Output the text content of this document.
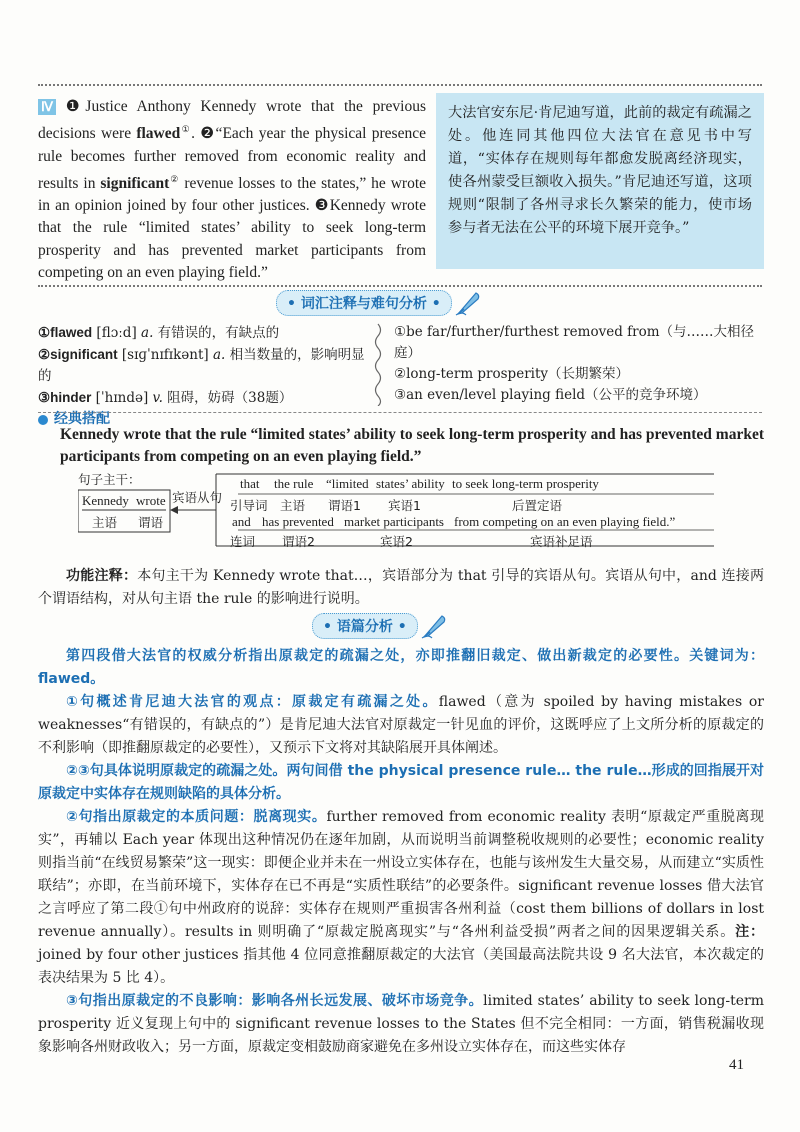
Ⅳ ❶Justice Anthony Kennedy wrote that the previous decisions were flawed①. ❷“Each year the physical presence rule becomes further removed from economic reality and results in significant② revenue losses to the states,” he wrote in an opinion joined by four other justices. ❸Kennedy wrote that the rule “limited states’ ability to seek long-term prosperity and has prevented market participants from competing on an even playing field.”
大法官安东尼·肯尼迪写道，此前的裁定有疏漏之处。他连同其他四位大法官在意见书中写道，“实体存在规则每年都愈发脱离经济现实，使各州蒙受巨额收入损失。”肯尼迪还写道，这项规则“限制了各州寻求长久繁荣的能力，使市场参与者无法在公平的环境下展开竞争。”
• 词汇注释与难句分析 •
①flawed [flɔːd] a. 有错误的，有缺点的
②significant [sɪɡˈnɪfɪkənt] a. 相当数量的，影响明显的
③hinder [ˈhɪndə] v. 阻碍，妨碍（38题）
经典搭配
①be far/further/furthest removed from（与……大相径庭）
②long-term prosperity（长期繁荣）
③an even/level playing field（公平的竞争环境）
Kennedy wrote that the rule “limited states’ ability to seek long-term prosperity and has prevented market participants from competing on an even playing field.”
句子主干：
Kennedy wrote
主语 谓语
宾语从句
that the rule “limited states’ ability to seek long-term prosperity
引导词 主语 谓语1 宾语1	后置定语
and has prevented market participants from competing on an even playing field.”
连词 谓语2	宾语2	宾语补足语
功能注释：本句主干为 Kennedy wrote that…，宾语部分为 that 引导的宾语从句。宾语从句中，and 连接两个谓语结构，对从句主语 the rule 的影响进行说明。
• 语篇分析 •

第四段借大法官的权威分析指出原裁定的疏漏之处，亦即推翻旧裁定、做出新裁定的必要性。关键词为：flawed。

①句概述肯尼迪大法官的观点：原裁定有疏漏之处。flawed（意为 spoiled by having mistakes or weaknesses“有错误的，有缺点的”）是肯尼迪大法官对原裁定一针见血的评价，这既呼应了上文所分析的原裁定的不利影响（即推翻原裁定的必要性），又预示下文将对其缺陷展开具体阐述。

②③句具体说明原裁定的疏漏之处。两句间借 the physical presence rule… the rule…形成的回指展开对原裁定中实体存在规则缺陷的具体分析。

②句指出原裁定的本质问题：脱离现实。further removed from economic reality 表明“原裁定严重脱离现实”，再辅以 Each year 体现出这种情况仍在逐年加剧，从而说明当前调整税收规则的必要性；economic reality 则指当前“在线贸易繁荣”这一现实：即便企业并未在一州设立实体存在，也能与该州发生大量交易，从而建立“实质性联结”；亦即，在当前环境下，实体存在已不再是“实质性联结”的必要条件。significant revenue losses 借大法官之言呼应了第二段①句中州政府的说辞：实体存在规则严重损害各州利益（cost them billions of dollars in lost revenue annually）。results in 则明确了“原裁定脱离现实”与“各州利益受损”两者之间的因果逻辑关系。注：joined by four other justices 指其他 4 位同意推翻原裁定的大法官（美国最高法院共设 9 名大法官，本次裁定的表决结果为 5 比 4）。

③句指出原裁定的不良影响：影响各州长远发展、破坏市场竞争。limited states’ ability to seek long-term prosperity 近义复现上句中的 significant revenue losses to the States 但不完全相同：一方面，销售税漏收现象影响各州财政收入；另一方面，原裁定变相鼓励商家避免在多州设立实体存在，而这些实体存

41
